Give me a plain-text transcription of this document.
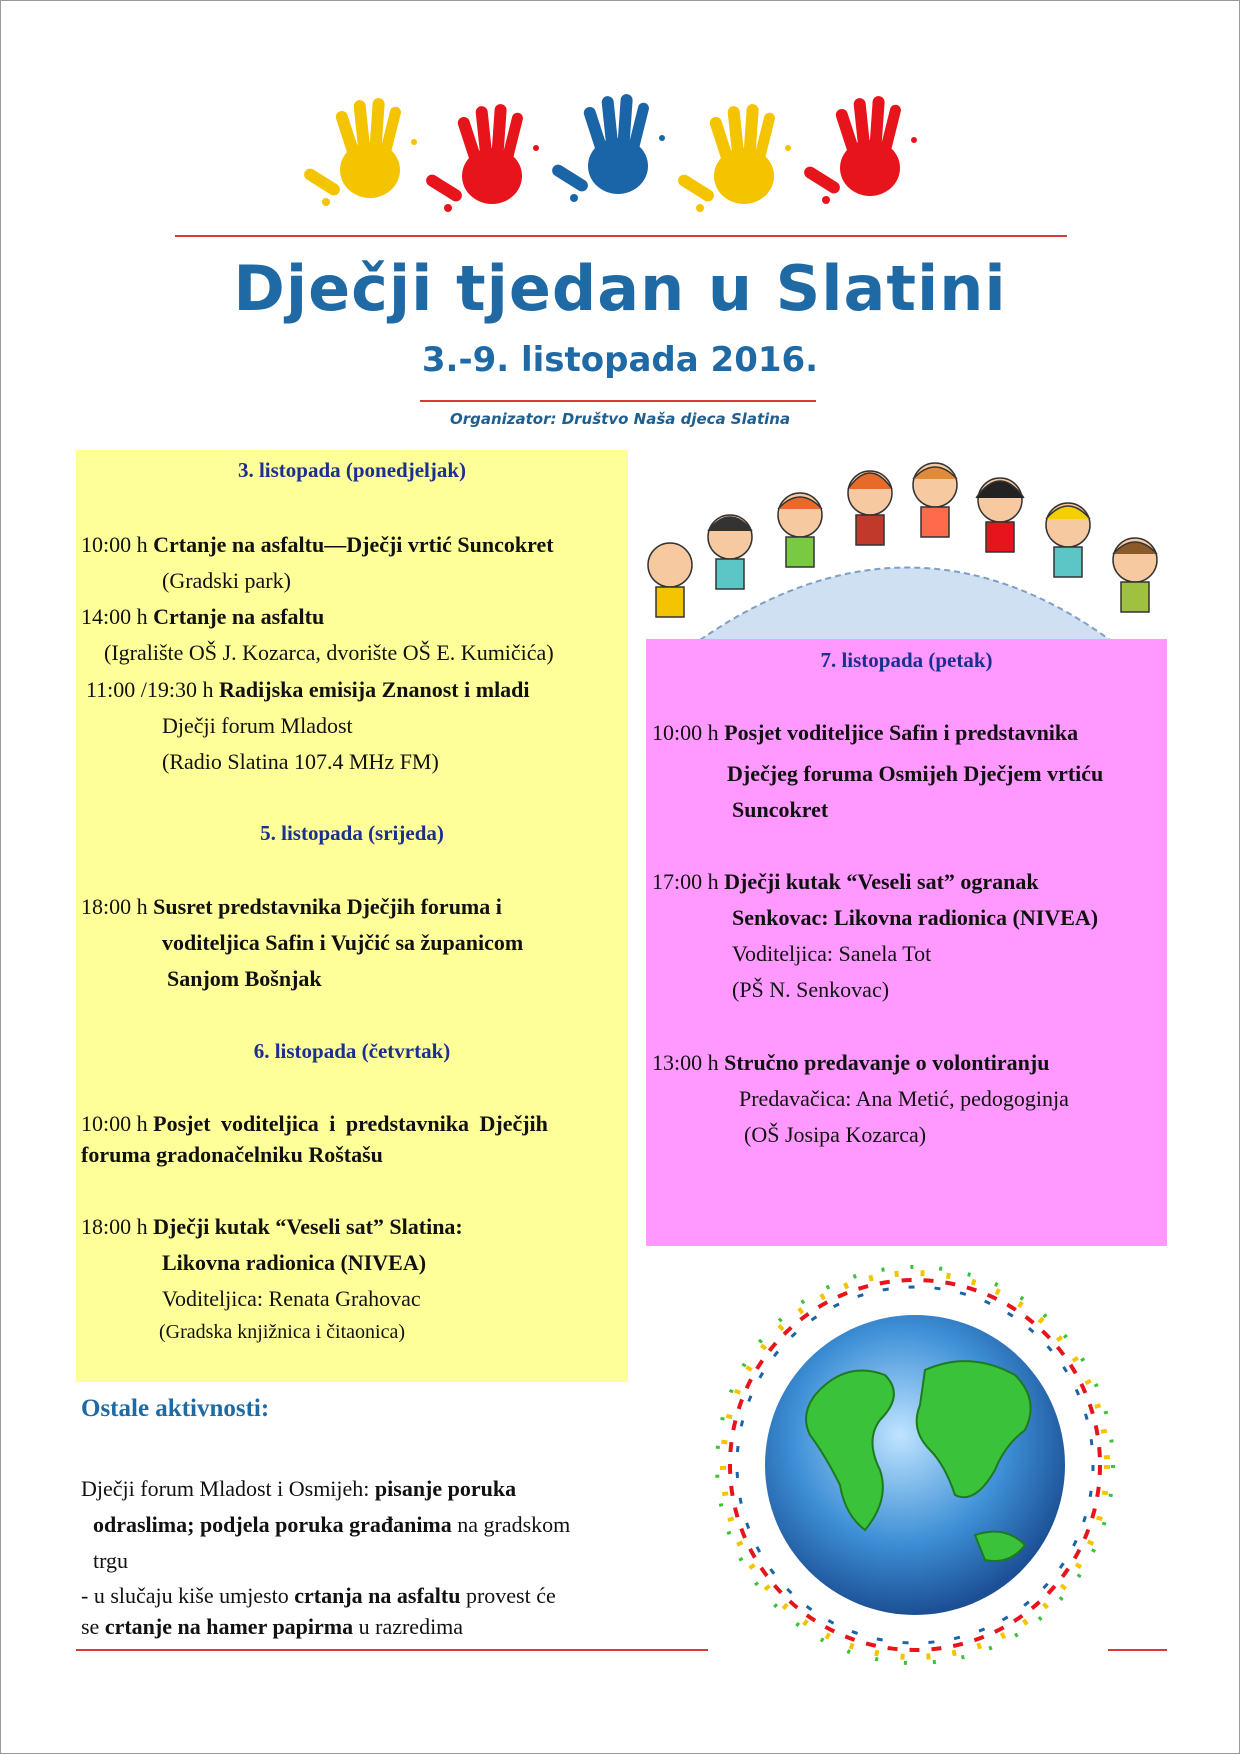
Dječji tjedan u Slatini
3.-9. listopada 2016.
Organizator: Društvo Naša djeca Slatina
3. listopada (ponedjeljak)
10:00 h Crtanje na asfaltu—Dječji vrtić Suncokret
(Gradski park)
14:00 h Crtanje na asfaltu
(Igralište OŠ J. Kozarca, dvorište OŠ E. Kumičića)
11:00 /19:30 h Radijska emisija Znanost i mladi
Dječji forum Mladost
(Radio Slatina 107.4 MHz FM)
5. listopada (srijeda)
18:00 h Susret predstavnika Dječjih foruma i
voditeljica Safin i Vujčić sa županicom
Sanjom Bošnjak
6. listopada (četvrtak)
10:00 h Posjet voditeljica i predstavnika Dječjih
foruma gradonačelniku Roštašu
18:00 h Dječji kutak “Veseli sat” Slatina:
Likovna radionica (NIVEA)
Voditeljica: Renata Grahovac
(Gradska knjižnica i čitaonica)
7. listopada (petak)
10:00 h Posjet voditeljice Safin i predstavnika
Dječjeg foruma Osmijeh Dječjem vrtiću
Suncokret
17:00 h Dječji kutak “Veseli sat” ogranak
Senkovac: Likovna radionica (NIVEA)
Voditeljica: Sanela Tot
(PŠ N. Senkovac)
13:00 h Stručno predavanje o volontiranju
Predavačica: Ana Metić, pedogoginja
(OŠ Josipa Kozarca)
Ostale aktivnosti:
Dječji forum Mladost i Osmijeh: pisanje poruka
odraslima; podjela poruka građanima na gradskom
trgu
- u slučaju kiše umjesto crtanja na asfaltu provest će
se crtanje na hamer papirma u razredima
